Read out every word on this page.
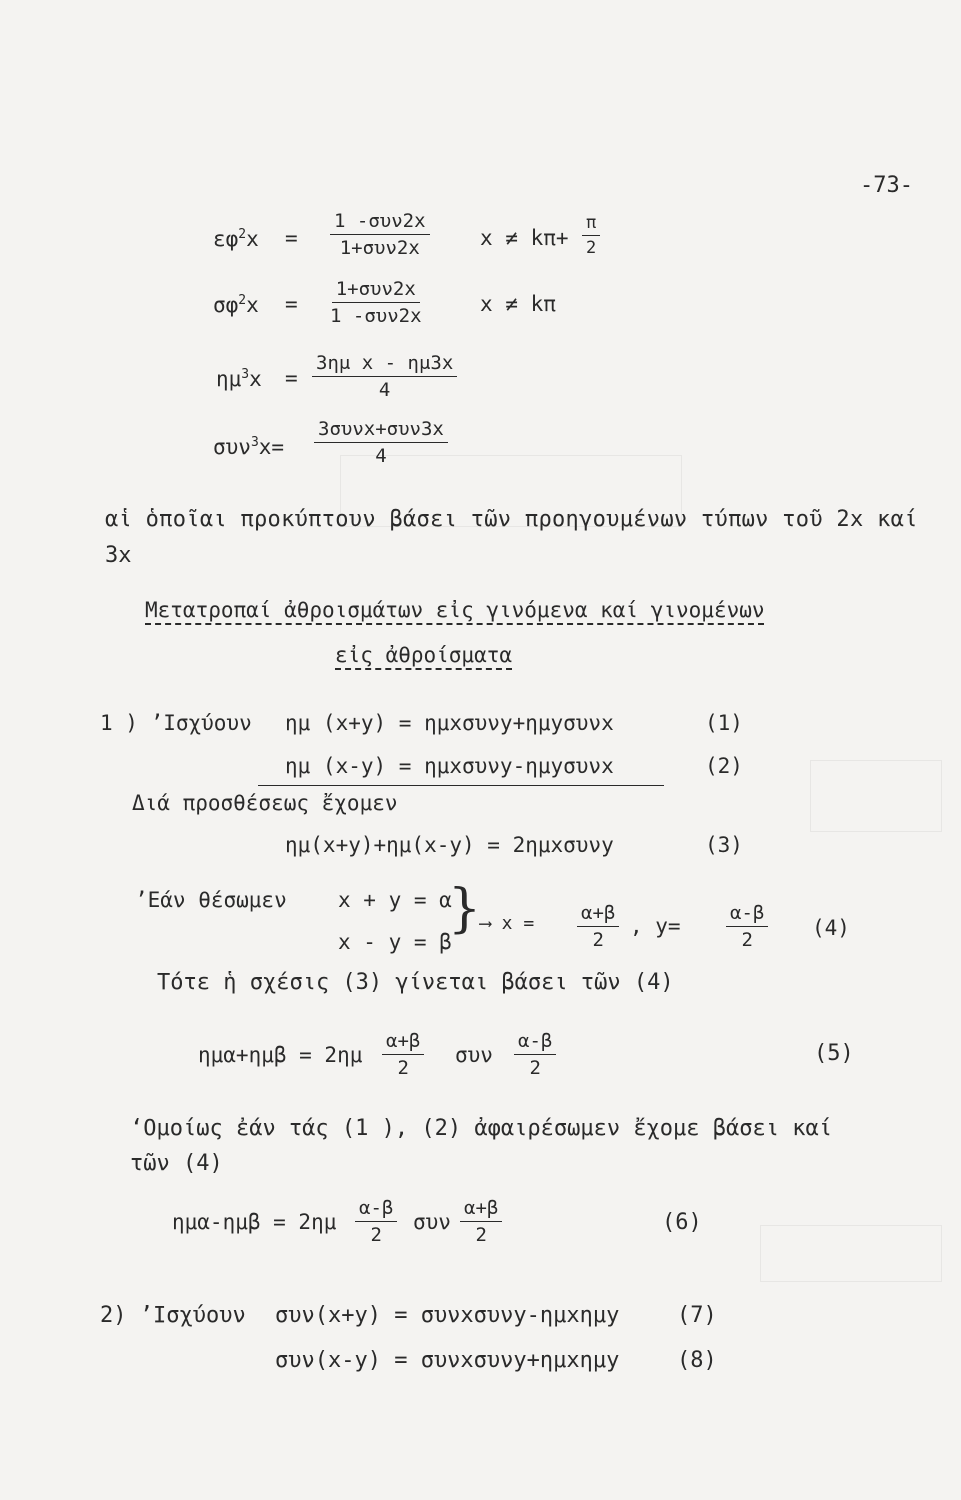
-73-
$\varepsilon\varphi^2x$ =
1 -συν2x
1+συν2x	$x \ne k\pi+ \frac{\pi}{2}$
$\sigma\varphi^2x$ =
1+συν2x
1 -συν2x	x ≠ kπ
$\eta\mu^3x = \frac{\text{3ημ x - ημ3x}}{4}$
συν$^3$x=
3συνx+συν3x
4
αἱ ὁποῖαι προκύπτουν βάσει τῶν προηγουμένων τύπων τοῦ 2x καί
3x
Μετατροπαί ἀθροισμάτων εἰς γινόμενα καί γινομένων
εἰς ἀθροίσματα
1 ) ’Ισχύουν ημ (x+y) = ημxσυνy+ημyσυνx	(1)
ημ (x-y) = ημxσυνy-ημyσυνx	(2)
Διά προσθέσεως ἔχομεν
ημ(x+y)+ημ(x-y) = 2ημxσυνy	(3)
’Εάν θέσωμεν x + y = α
x - y = β
}
⟶ $x = \frac{\alpha+\beta}{2}$ , $y= \frac{\alpha-\beta}{2} (4)$
Τότε ἡ σχέσις (3) γίνεται βάσει τῶν (4)
$\eta\mu\alpha+\eta\mu\beta = 2\eta\mu \frac{\alpha+\beta}{2}$ συν $\frac{\alpha-\beta}{2}$	(5)
‘Ομοίως ἐάν τάς (1 ), (2) ἀφαιρέσωμεν ἔχομε βάσει καί
τῶν (4)
$\eta\mu\alpha-\eta\mu\beta = 2\eta\mu \frac{\alpha-\beta}{2}$ συν $\frac{\alpha+\beta}{2}$	(6)
2) ’Ισχύουν συν(x+y) = συνxσυνy-ημxημy	(7)
συν(x-y) = συνxσυνy+ημxημy	(8)
